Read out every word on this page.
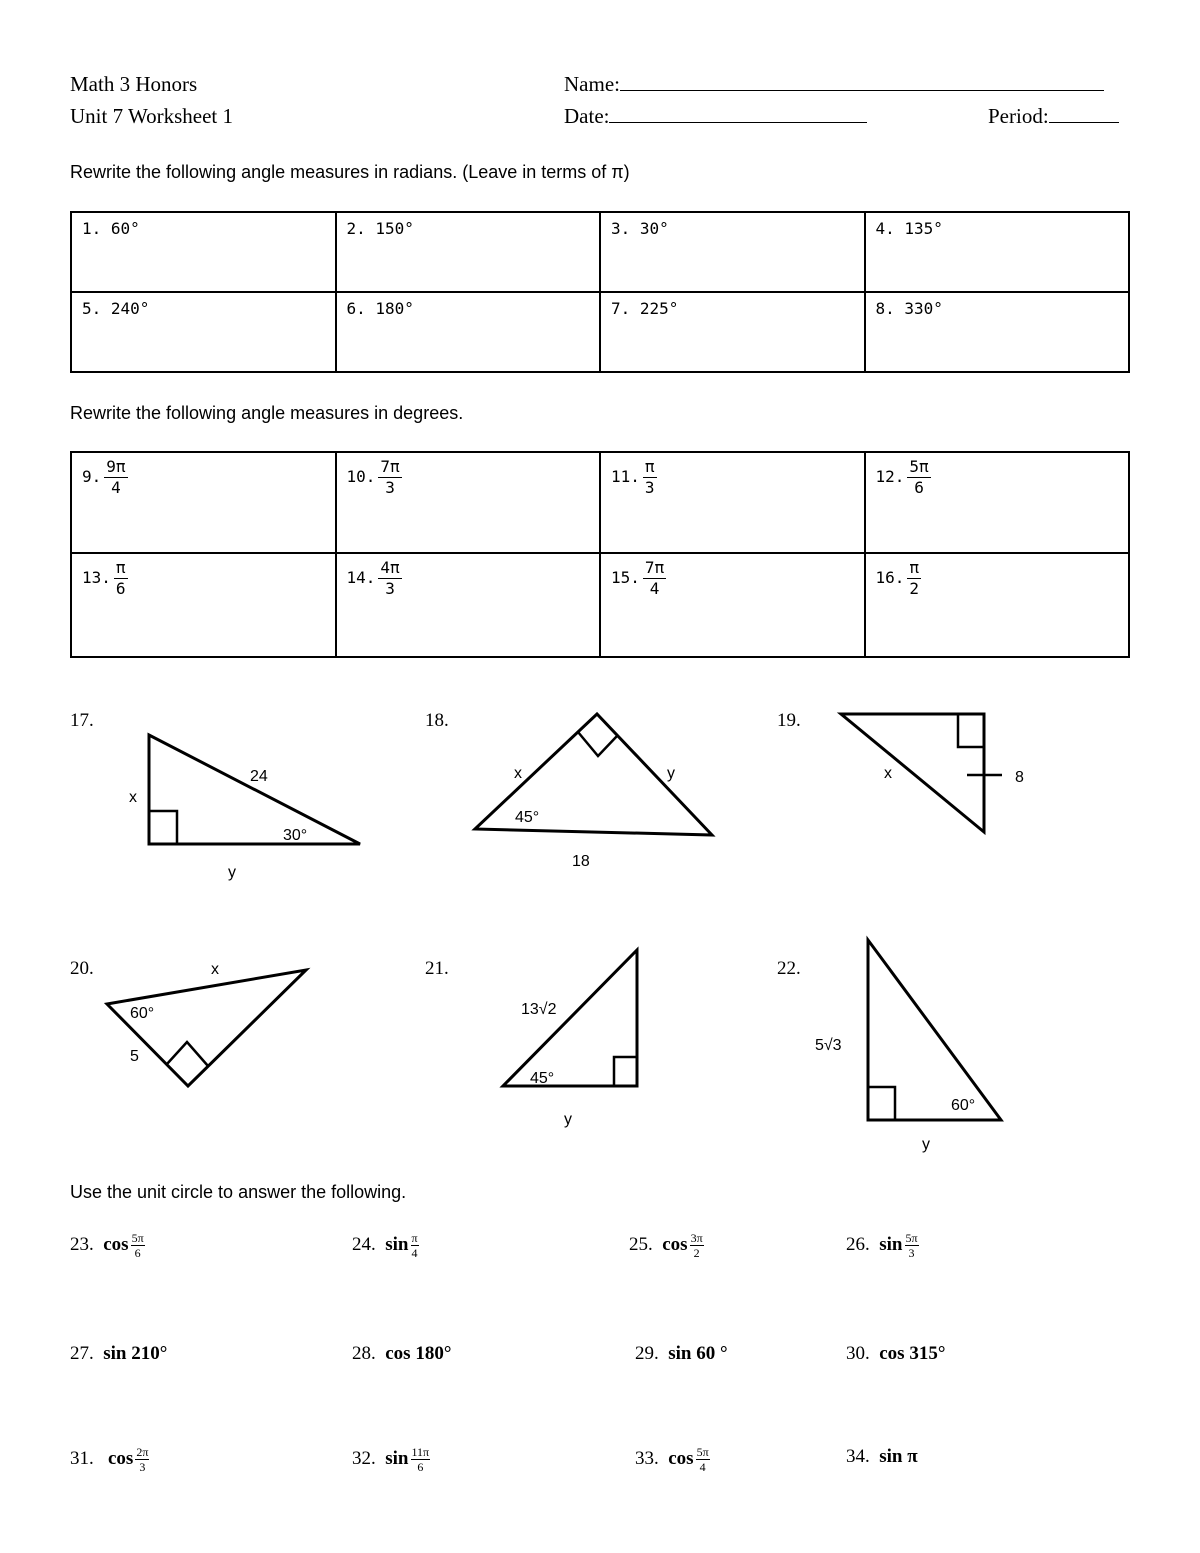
Math 3 Honors
Unit 7 Worksheet 1
Name:
Date:	Period:
Rewrite the following angle measures in radians. (Leave in terms of π)
1. 60°	2. 150°	3. 30°	4. 135°
5. 240°	6. 180°	7. 225°	8. 330°
Rewrite the following angle measures in degrees.
9. $\frac{9\pi}{4}$	10. $\frac{7\pi}{3}$	11. $\frac{\pi}{3}$	12. $\frac{5\pi}{6}$

13. $\frac{\pi}{6}$	14. $\frac{4\pi}{3}$	15. $\frac{7\pi}{4}$	16. $\frac{\pi}{2}$
17.	18.	19.
20.	21.	22.
24
x
y
30°
x	y
18
45°
x	8
x
5
60°	13√2
y
45°
5√3
y
60°
Use the unit circle to answer the following.
23. $\cos \frac{5\pi}{6}$	24. $\sin \frac{\pi}{4}$	25. $\cos \frac{3\pi}{2}$	26. $\sin \frac{5\pi}{3}$
27. sin 210°	28. cos 180°	29. sin 60 °	30. cos 315°
31. $\cos \frac{2\pi}{3}$	32. $\sin \frac{11\pi}{6}$	33. $\cos \frac{5\pi}{4}$	34. sin π
